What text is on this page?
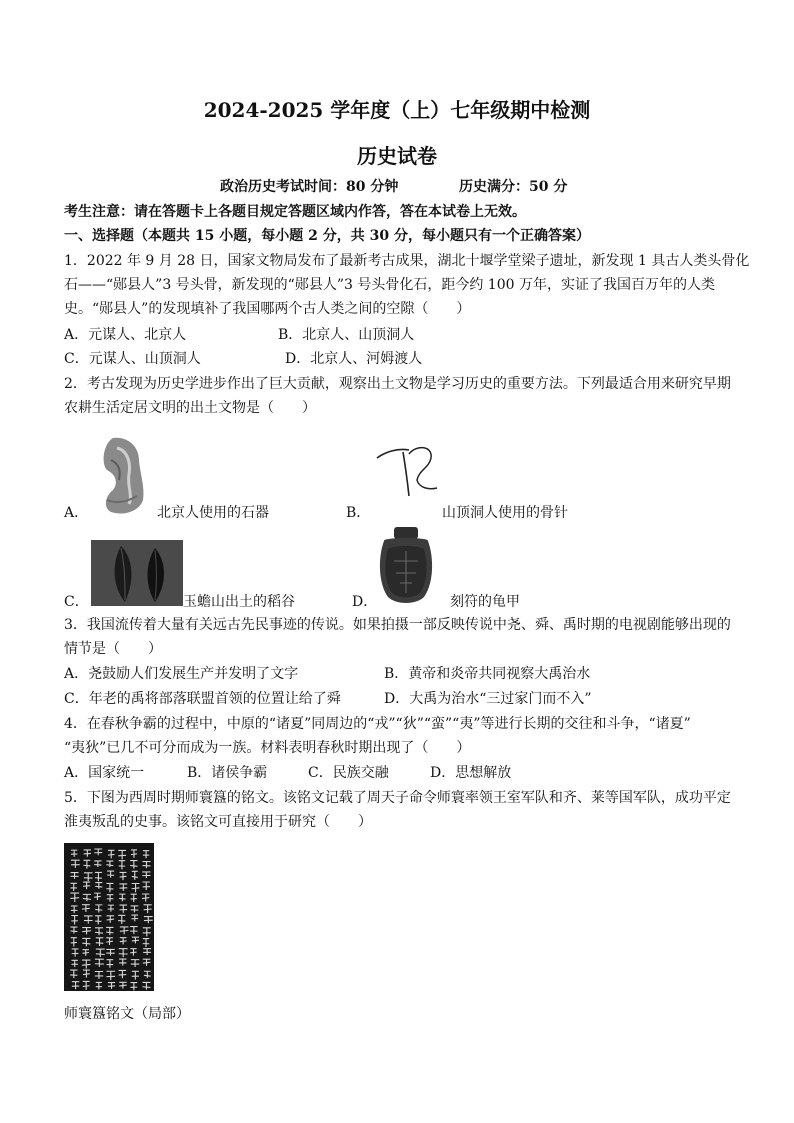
2024-2025 学年度（上）七年级期中检测
历史试卷
政治历史考试时间：80 分钟	历史满分：50 分
考生注意：请在答题卡上各题目规定答题区域内作答，答在本试卷上无效。
一、选择题（本题共 15 小题，每小题 2 分，共 30 分，每小题只有一个正确答案）
1．2022 年 9 月 28 日，国家文物局发布了最新考古成果，湖北十堰学堂梁子遗址，新发现 1 具古人类头骨化
石——“郧县人”3 号头骨，新发现的“郧县人”3 号头骨化石，距今约 100 万年，实证了我国百万年的人类
史。“郧县人”的发现填补了我国哪两个古人类之间的空隙（　　）
A．元谋人、北京人	B．北京人、山顶洞人
C．元谋人、山顶洞人	D．北京人、河姆渡人
2．考古发现为历史学进步作出了巨大贡献，观察出土文物是学习历史的重要方法。下列最适合用来研究早期
农耕生活定居文明的出土文物是（　　）
A．	北京人使用的石器	B．	山顶洞人使用的骨针
C．	玉蟾山出土的稻谷	D．	刻符的龟甲
3．我国流传着大量有关远古先民事迹的传说。如果拍摄一部反映传说中尧、舜、禹时期的电视剧能够出现的
情节是（　　）
A．尧鼓励人们发展生产并发明了文字	B．黄帝和炎帝共同视察大禹治水
C．年老的禹将部落联盟首领的位置让给了舜	D．大禹为治水“三过家门而不入”
4．在春秋争霸的过程中，中原的“诸夏”同周边的“戎”“狄”“蛮”“夷”等进行长期的交往和斗争，“诸夏”
“夷狄”已几不可分而成为一族。材料表明春秋时期出现了（　　）
A．国家统一	B．诸侯争霸	C．民族交融	D．思想解放
5．下图为西周时期师寰簋的铭文。该铭文记载了周天子命令师寰率领王室军队和齐、莱等国军队，成功平定
淮夷叛乱的史事。该铭文可直接用于研究（　　）
师寰簋铭文（局部）
